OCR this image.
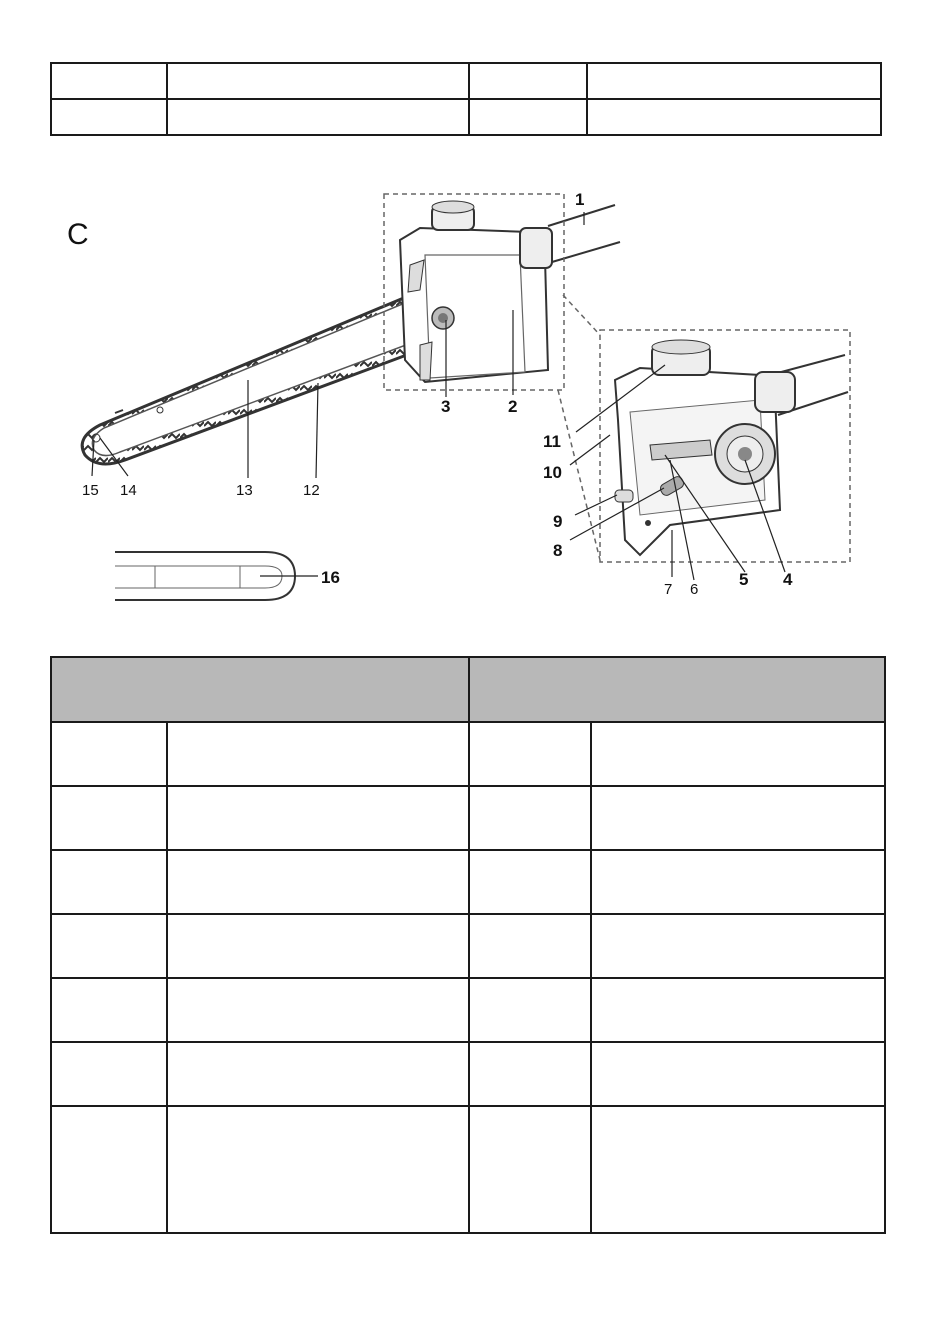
C
1
2
3
4
5
6
7
8
9
10
11
12
13
14
15
16
